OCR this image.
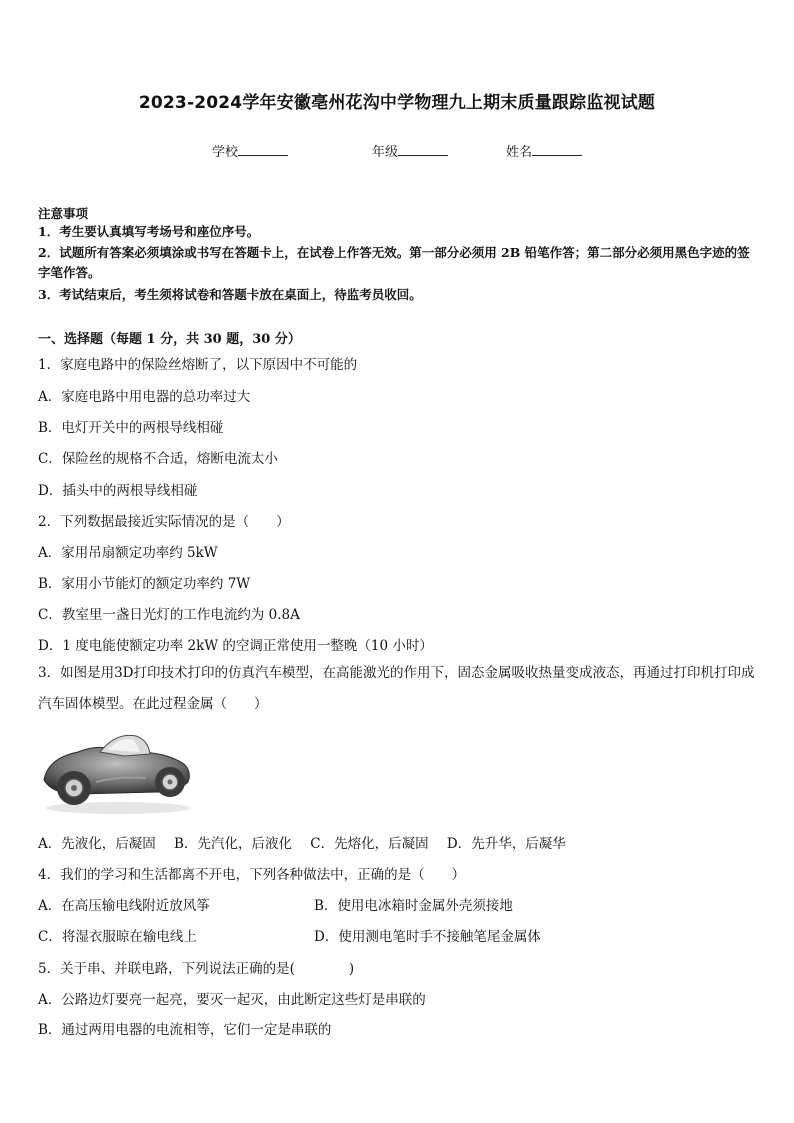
2023-2024学年安徽亳州花沟中学物理九上期末质量跟踪监视试题
学校	年级	姓名
注意事项
1．考生要认真填写考场号和座位序号。
2．试题所有答案必须填涂或书写在答题卡上，在试卷上作答无效。第一部分必须用 2B 铅笔作答；第二部分必须用黑色字迹的签字笔作答。
3．考试结束后，考生须将试卷和答题卡放在桌面上，待监考员收回。
一、选择题（每题 1 分，共 30 题，30 分）
1．家庭电路中的保险丝熔断了，以下原因中不可能的
A．家庭电路中用电器的总功率过大
B．电灯开关中的两根导线相碰
C．保险丝的规格不合适，熔断电流太小
D．插头中的两根导线相碰
2．下列数据最接近实际情况的是（　　）
A．家用吊扇额定功率约 5kW
B．家用小节能灯的额定功率约 7W
C．教室里一盏日光灯的工作电流约为 0.8A
D．1 度电能使额定功率 2kW 的空调正常使用一整晚（10 小时）
3．如图是用3D打印技术打印的仿真汽车模型，在高能激光的作用下，固态金属吸收热量变成液态，再通过打印机打印成汽车固体模型。在此过程金属（　　）
A．先液化，后凝固 B．先汽化，后液化 C．先熔化，后凝固 D．先升华，后凝华
4．我们的学习和生活都离不开电，下列各种做法中，正确的是（　　）
A．在高压输电线附近放风筝	B．使用电冰箱时金属外壳须接地
C．将湿衣服晾在输电线上	D．使用测电笔时手不接触笔尾金属体
5．关于串、并联电路，下列说法正确的是(　　　　)
A．公路边灯要亮一起亮，要灭一起灭，由此断定这些灯是串联的
B．通过两用电器的电流相等，它们一定是串联的
